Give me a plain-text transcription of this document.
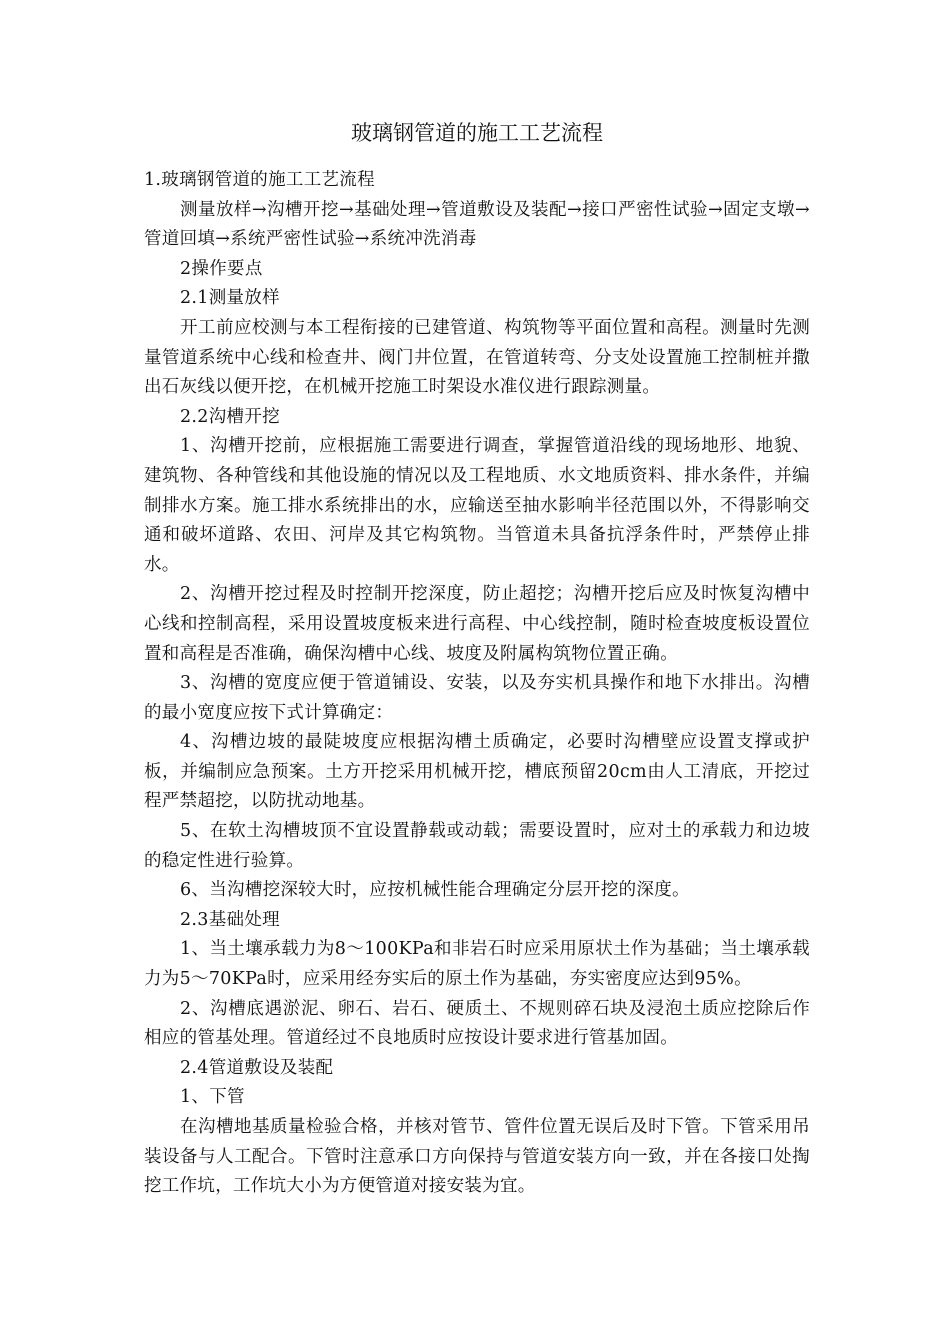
玻璃钢管道的施工工艺流程

1.玻璃钢管道的施工工艺流程

测量放样→沟槽开挖→基础处理→管道敷设及装配→接口严密性试验→固定支墩→管道回填→系统严密性试验→系统冲洗消毒

2操作要点

2.1测量放样

开工前应校测与本工程衔接的已建管道、构筑物等平面位置和高程。测量时先测量管道系统中心线和检查井、阀门井位置，在管道转弯、分支处设置施工控制桩并撒出石灰线以便开挖，在机械开挖施工时架设水准仪进行跟踪测量。

2.2沟槽开挖

1、沟槽开挖前，应根据施工需要进行调查，掌握管道沿线的现场地形、地貌、建筑物、各种管线和其他设施的情况以及工程地质、水文地质资料、排水条件，并编制排水方案。施工排水系统排出的水，应输送至抽水影响半径范围以外，不得影响交通和破坏道路、农田、河岸及其它构筑物。当管道未具备抗浮条件时，严禁停止排水。

2、沟槽开挖过程及时控制开挖深度，防止超挖；沟槽开挖后应及时恢复沟槽中心线和控制高程，采用设置坡度板来进行高程、中心线控制，随时检查坡度板设置位置和高程是否准确，确保沟槽中心线、坡度及附属构筑物位置正确。

3、沟槽的宽度应便于管道铺设、安装，以及夯实机具操作和地下水排出。沟槽的最小宽度应按下式计算确定：

4、沟槽边坡的最陡坡度应根据沟槽土质确定，必要时沟槽壁应设置支撑或护板，并编制应急预案。土方开挖采用机械开挖，槽底预留20cm由人工清底，开挖过程严禁超挖，以防扰动地基。

5、在软土沟槽坡顶不宜设置静载或动载；需要设置时，应对土的承载力和边坡的稳定性进行验算。

6、当沟槽挖深较大时，应按机械性能合理确定分层开挖的深度。

2.3基础处理

1、当土壤承载力为8～100KPa和非岩石时应采用原状土作为基础；当土壤承载力为5～70KPa时，应采用经夯实后的原土作为基础，夯实密度应达到95%。

2、沟槽底遇淤泥、卵石、岩石、硬质土、不规则碎石块及浸泡土质应挖除后作相应的管基处理。管道经过不良地质时应按设计要求进行管基加固。

2.4管道敷设及装配

1、下管

在沟槽地基质量检验合格，并核对管节、管件位置无误后及时下管。下管采用吊装设备与人工配合。下管时注意承口方向保持与管道安装方向一致，并在各接口处掏挖工作坑，工作坑大小为方便管道对接安装为宜。
